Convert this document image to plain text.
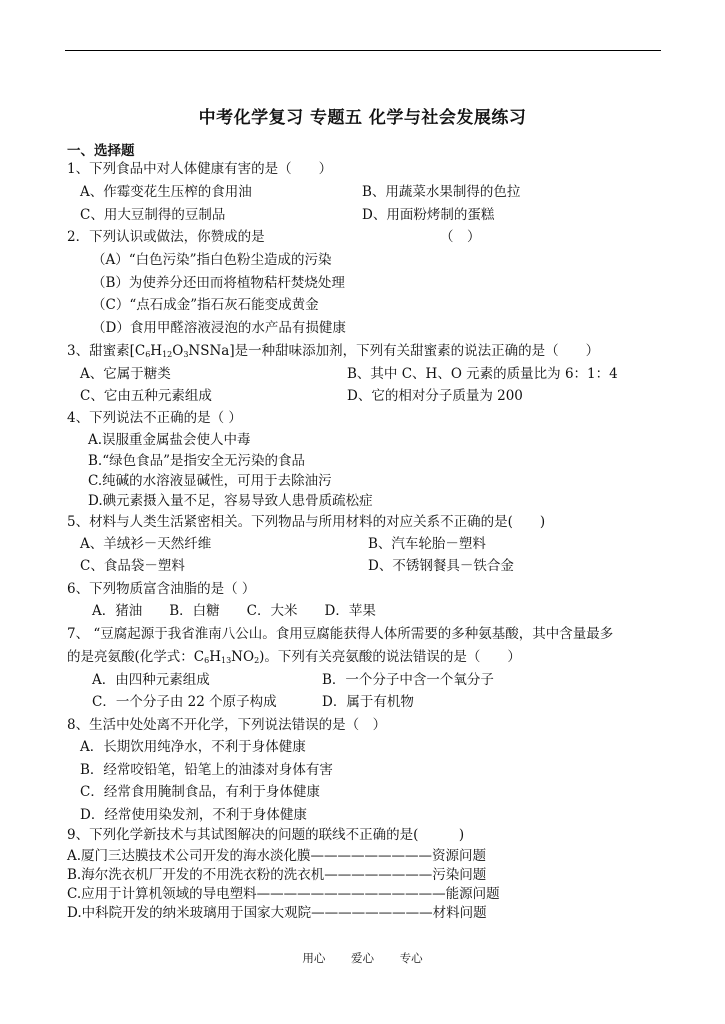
中考化学复习 专题五 化学与社会发展练习
一、选择题
1、下列食品中对人体健康有害的是（　　）
A、作霉变花生压榨的食用油	B、用蔬菜水果制得的色拉
C、用大豆制得的豆制品	D、用面粉烤制的蛋糕
2．下列认识或做法，你赞成的是	（　）
（A）“白色污染”指白色粉尘造成的污染
（B）为使养分还田而将植物秸杆焚烧处理
（C）“点石成金”指石灰石能变成黄金
（D）食用甲醛溶液浸泡的水产品有损健康
3、甜蜜素$[C_6H_{12}O_3NSNa]$是一种甜味添加剂，下列有关甜蜜素的说法正确的是（　　）
A、它属于糖类	B、其中 C、H、O 元素的质量比为 6：1：4
C、它由五种元素组成	D、它的相对分子质量为 200
4、下列说法不正确的是（ ）
A.误服重金属盐会使人中毒
B.“绿色食品”是指安全无污染的食品
C.纯碱的水溶液显碱性，可用于去除油污
D.碘元素摄入量不足，容易导致人患骨质疏松症
5、材料与人类生活紧密相关。下列物品与所用材料的对应关系不正确的是(　　)
A、羊绒衫－天然纤维	B、汽车轮胎－塑料
C、食品袋－塑料	D、不锈钢餐具－铁合金
6、下列物质富含油脂的是（ ）
A．猪油　　B．白糖　　C．大米　　D．苹果
7、 “豆腐起源于我省淮南八公山。食用豆腐能获得人体所需要的多种氨基酸，其中含量最多
的是亮氨酸(化学式：$C_6H_{13}NO_2$)。下列有关亮氨酸的说法错误的是（　　）
A．由四种元素组成	B．一个分子中含一个氧分子
C．一个分子由 22 个原子构成	D．属于有机物
8、生活中处处离不开化学，下列说法错误的是（　）
A．长期饮用纯净水，不利于身体健康
B．经常咬铅笔，铅笔上的油漆对身体有害
C．经常食用腌制食品，有利于身体健康
D．经常使用染发剂，不利于身体健康
9、下列化学新技术与其试图解决的问题的联线不正确的是(　　　)
A.厦门三达膜技术公司开发的海水淡化膜—————————资源问题
B.海尔洗衣机厂开发的不用洗衣粉的洗衣机————————污染问题
C.应用于计算机领域的导电塑料——————————————能源问题
D.中科院开发的纳米玻璃用于国家大观院—————————材料问题
用心 爱心 专心
